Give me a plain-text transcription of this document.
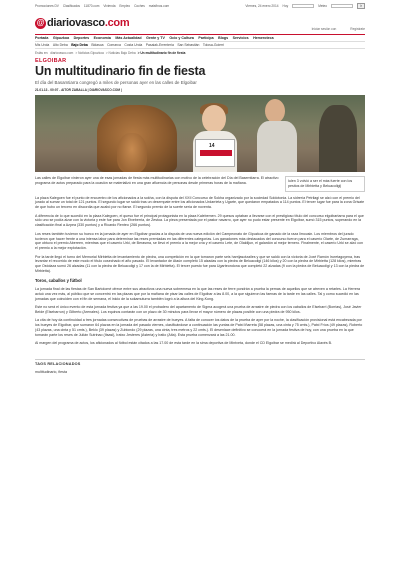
Promociones DV Clasificados 11870.com Vivienda Empleo Coches maisfinos.com	Viernes, 24 enero 2014 Hoy	Meteo	Ir
@ diariovasco .com
Iniciar sesión con	Regístrate
Portada Gipuzkoa Deportes Economía Más Actualidad Gente y TV Ocio y Cultura Participa Blogs Servicios Hemeroteca
Mis Urola Alto Deba Bajo Deba Bidasoa Comarca Costa Urola Pasaiak-Errenteria San Sebastián Tolosa-Goierri
Estás en: diariovasco.com > Noticias Gipuzkoa > Noticias Bajo Deba > Un multitudinario fin de fiesta
ELGOIBAR
Un multitudinario fin de fiesta
El día del Basamtiarra congregó a miles de personas ayer en las calles de Elgoibar
21.01.13 - 00:07 - AITOR ZABALLA | DIARIOVASCO.COM |
14
Las calles de Elgoibar vinieron ayer una de esas jornadas de fiesta más multitudinarias con motivo de la celebración del Día del Basemtiarra. El atractivo programa de actos preparado para la ocasión se materializó en una gran afluencia de personas desde primeras horas de la mañana.	Iulen 3 volvió a ser el más fuerte con los pesitos de Mirbietta y Beluacoligi|

La plaza Kalegoen fue el punto de encuentro de los aficionados a la sokha, con la disputa del XXII Concurso de Sokha organizado por la sociedad Soldotonia. La sidrería Petrilagi se alzó con el premio del jurado al sumar un total de 121 puntos. El segundo lugar se saldó tras un desempate entre los aficionados Urdarrieta y Ugarte, que quedaron empatados a 114 puntos. El tercer lugar fue para la zona Grisate de que hubo un tercero en discordia que acabó por no fiarse. El segundo premio de la suerte sería de noventa.

A diferencia de lo que sucedió en la plaza Kalegoen, el queso fue el principal protagonista en la plaza Kalebemen. 29 quesos optaban a llevarse con el prestigioso título del concurso elgoibartarra para el que sólo uno se podía alzar con la victoria y este fue para Jon Etxeberria, de Zestoa. La pieza presentada por el pastor navarro, que ayer no pudo estar presente en Elgoibar, sumó 315 puntos, superando en la clasificación final a Azpea (330 puntos) y a Ricardo Renteo (266 puntos).

Los reses también tuvieron su hueco en la jornada de ayer en Elgoibar gracias a la disputa de una nueva edición del Campeonato de Gipuzkoa de ganado de la raza limousin. Los miembros del jurado tuvieron que hacer frente a una intensa labor para determinar las reses premiadas en las diferentes categorías. Los ganadones más destacados del concurso fueron para el caserío Olarte, de Zumarraga, que obtuvo el premio Abereen, mientras que el caserío Urki, de Berasma, se llevó el premio a la mejor cría y el caserío Lete, de Olaldijun, el galardón al mejor ternero. Finalmente, el caserío Urki se alzó con el premio a la mejor explotación.

Por la tarde llegó el turno del Memorial Mirbietta de levantamiento de piedra, una competición en la que tomaron parte seis harrijasotzailes y que se saldó con la victoria de Joxé Ramón Iruretagoyena, tras levantar el recorrido de este modo el título cosechado el año pasado. El levantador de Ataún completó 15 alzadas con la piedra de Beluacoligi (146 kilos) y 20 con la piedra de Mirbietta (128 kilos), mientras que Ostolaza sumó 26 alzadas (11 con la piedra de Beluacoligi y 17 con la de Mirbietta). El tercer puesto fue para Ugarteondona que completó 22 alzadas (9 con la piedra de Beluacoligi y 13 con la piedra de Mirbietta).

Toros, caballos y fútbol

La jornada final de las fiestas de San Bartolomé ofrece entre sus atractivos una nueva sobremesa en la que las reses de ferre pondrán a prueba la pernas de aquellos que se atreven a retarles. La Herrera actuó una vez más, al público que se concentró en las plazas que por la mañana de pisar las calles de Elgoibar a las 8.00, a la que siguieron las faenas de la tarde en las calles. Tal y como sucedió en las jornadas que coinciden con el fin de semana, el inicio de la sokamuturra también logró a la altura del King-Kong.

Este no será el único evento de esta jornada festiva ya que a las 19.00 el probadero del apartamento de Sigma acogerá una prueba de arrastre de piedra con los caballos de Elsebarri (Borrias), José Javier Beide (Elsebarrun) y Gilberto (Arenales). Los equinos contarán con un plazo de 30 minutos para llevar el mayor número de plazas posible con una piedra de 950 kilos.

La cita de hoy da continuidad a tres jornadas consecutivas de pruebas de arrastre de bueyes. A falta de conocer los datos de la prueba de ayer por la noche, la clasificación provisional está encabezada por los bueyes de Elgoibar, que sumaron 64 plazas en la jornada del pasado viernes, clasificándose a continuación las yuntas de Patxi Iñarreta (58 plazas, una cinta y 75 cmts.), Patxi Fríos (49 plazas), Roberto (43 plazas, una cinta y 51 cmts.), Beklo (39 plazas) y Zubiondo (29 plazas, una cinta, tres metros y 22 cmts.). El desenlace definitivo se conocerá en la jornada festiva de hoy, con una prueba en la que tomarán parte los reses de Julián Sutrinao (Itsasi), Iratxo Jesteres (Asteria) y Iratio (Alta). Esta prueba comenzará a las 21.00.

Al margen del programa de actos, los aficionados al fútbol están citados a las 17.00 de esta tarde en la sima deportiva de Mintxeta, donde el CD Elgoibar se medirá al Deportivo Alavés B.

TAGS RELACIONADOS
multitudinario, fiesta
